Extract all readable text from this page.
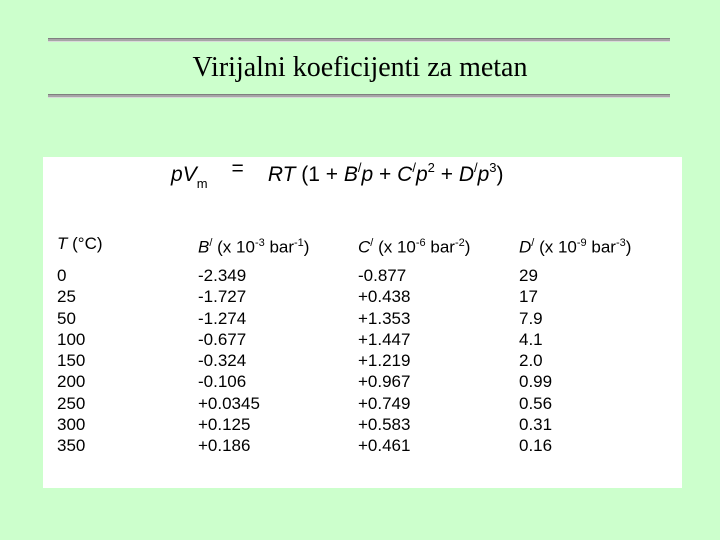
Virijalni koeficijenti za metan
$pV_m=$ RT $(1 + B^/p + C^/p^2 + D^/p^3)$
T (°C)
0
25
50
100
150
200
250
300
350
B/ (x $10^{-3}$ bar$^{-1}$)
-2.349
-1.727
-1.274
-0.677
-0.324
-0.106
+0.0345
+0.125
+0.186
C/ (x $10^{-6}$ bar$^{-2}$)
-0.877
+0.438
+1.353
+1.447
+1.219
+0.967
+0.749
+0.583
+0.461
D/ (x $10^{-9}$ bar$^{-3}$)
29
17
7.9
4.1
2.0
0.99
0.56
0.31
0.16
